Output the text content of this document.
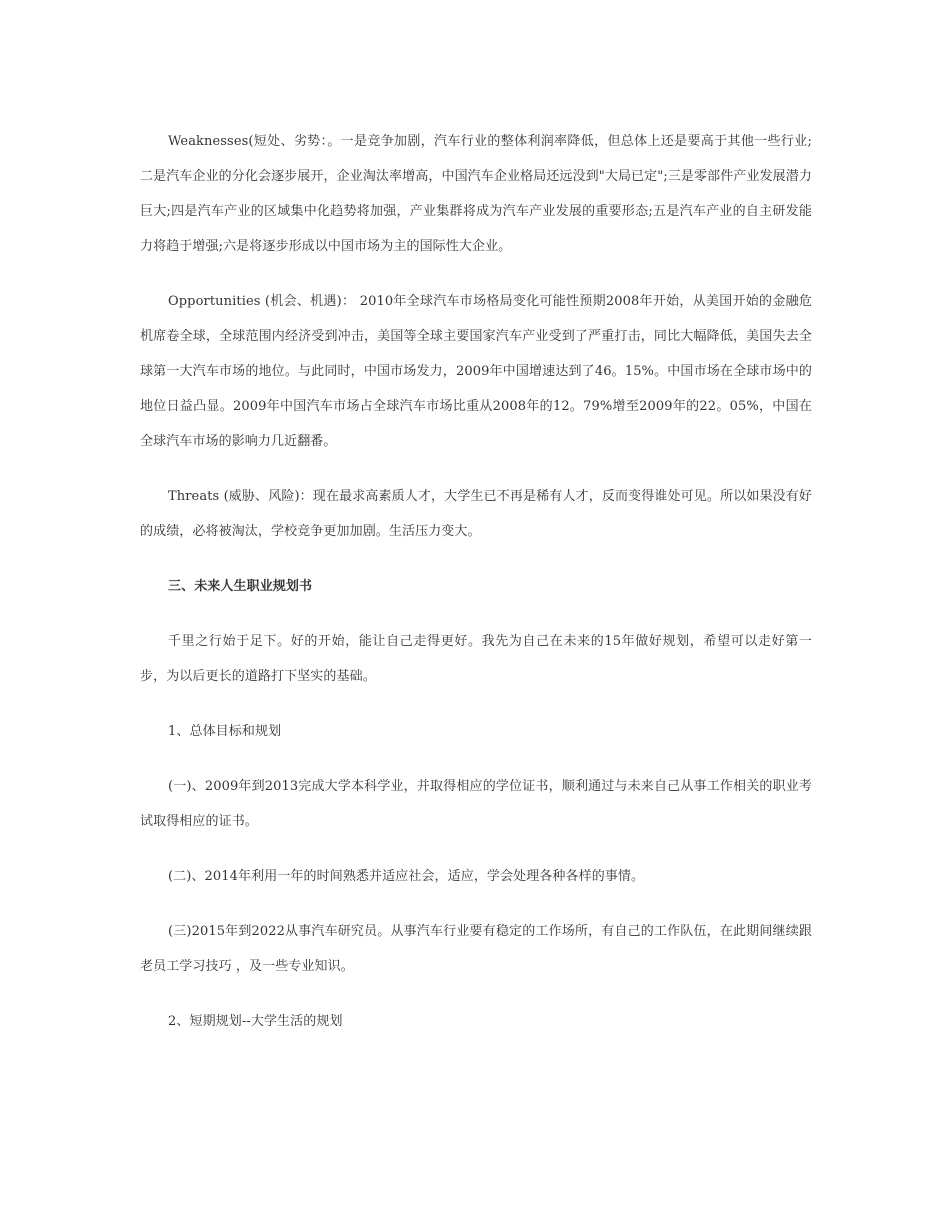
Weaknesses(短处、劣势：。一是竞争加剧，汽车行业的整体利润率降低，但总体上还是要高于其他一些行业;二是汽车企业的分化会逐步展开，企业淘汰率增高，中国汽车企业格局还远没到"大局已定";三是零部件产业发展潜力巨大;四是汽车产业的区域集中化趋势将加强，产业集群将成为汽车产业发展的重要形态;五是汽车产业的自主研发能力将趋于增强;六是将逐步形成以中国市场为主的国际性大企业。

Opportunities (机会、机遇)： 2010年全球汽车市场格局变化可能性预期2008年开始，从美国开始的金融危机席卷全球，全球范围内经济受到冲击，美国等全球主要国家汽车产业受到了严重打击，同比大幅降低，美国失去全球第一大汽车市场的地位。与此同时，中国市场发力，2009年中国增速达到了46。15%。中国市场在全球市场中的地位日益凸显。2009年中国汽车市场占全球汽车市场比重从2008年的12。79%增至2009年的22。05%，中国在全球汽车市场的影响力几近翻番。

Threats (威胁、风险)：现在最求高素质人才，大学生已不再是稀有人才，反而变得谁处可见。所以如果没有好的成绩，必将被淘汰，学校竞争更加加剧。生活压力变大。

三、未来人生职业规划书

千里之行始于足下。好的开始，能让自己走得更好。我先为自己在未来的15年做好规划，希望可以走好第一步，为以后更长的道路打下坚实的基础。

1、总体目标和规划

(一)、2009年到2013完成大学本科学业，并取得相应的学位证书，顺利通过与未来自己从事工作相关的职业考试取得相应的证书。

(二)、2014年利用一年的时间熟悉并适应社会，适应，学会处理各种各样的事情。

(三)2015年到2022从事汽车研究员。从事汽车行业要有稳定的工作场所，有自己的工作队伍，在此期间继续跟老员工学习技巧 ，及一些专业知识。

2、短期规划--大学生活的规划
